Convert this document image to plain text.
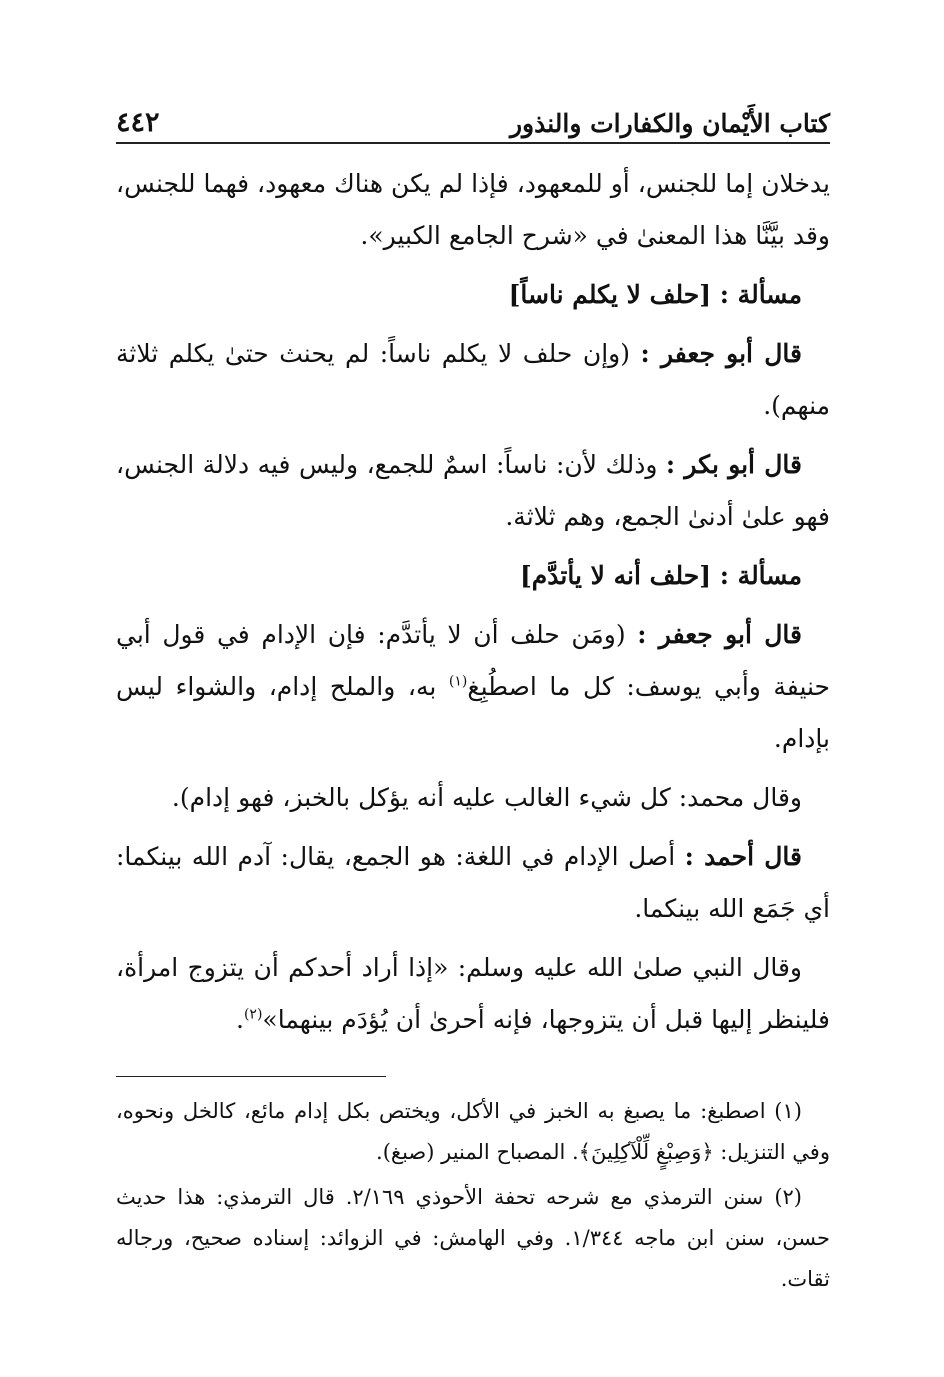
كتاب الأَيْمان والكفارات والنذور
٤٤٢

يدخلان إما للجنس، أو للمعهود، فإذا لم يكن هناك معهود، فهما للجنس، وقد بيَّنَّا هذا المعنىٰ في «شرح الجامع الكبير».

مسألة : [حلف لا يكلم ناساً]

قال أبو جعفر : (وإن حلف لا يكلم ناساً: لم يحنث حتىٰ يكلم ثلاثة منهم).

قال أبو بكر : وذلك لأن: ناساً: اسمٌ للجمع، وليس فيه دلالة الجنس، فهو علىٰ أدنىٰ الجمع، وهم ثلاثة.

مسألة : [حلف أنه لا يأتدَّم]

قال أبو جعفر : (ومَن حلف أن لا يأتدَّم: فإن الإدام في قول أبي حنيفة وأبي يوسف: كل ما اصطُبِغ$^{(١)}$ به، والملح إدام، والشواء ليس بإدام.

وقال محمد: كل شيء الغالب عليه أنه يؤكل بالخبز، فهو إدام).

قال أحمد : أصل الإدام في اللغة: هو الجمع، يقال: آدم الله بينكما: أي جَمَع الله بينكما.

وقال النبي صلىٰ الله عليه وسلم: «إذا أراد أحدكم أن يتزوج امرأة، فلينظر إليها قبل أن يتزوجها، فإنه أحرىٰ أن يُؤدَم بينهما»$^{(٢)}$.

(١) اصطبغ: ما يصبغ به الخبز في الأكل، ويختص بكل إدام مائع، كالخل ونحوه، وفي التنزيل: ﴿وَصِبْغٍ لِّلْآكِلِينَ﴾. المصباح المنير (صبغ).

(٢) سنن الترمذي مع شرحه تحفة الأحوذي ٢/١٦٩. قال الترمذي: هذا حديث حسن، سنن ابن ماجه ١/٣٤٤. وفي الهامش: في الزوائد: إسناده صحيح، ورجاله ثقات.
